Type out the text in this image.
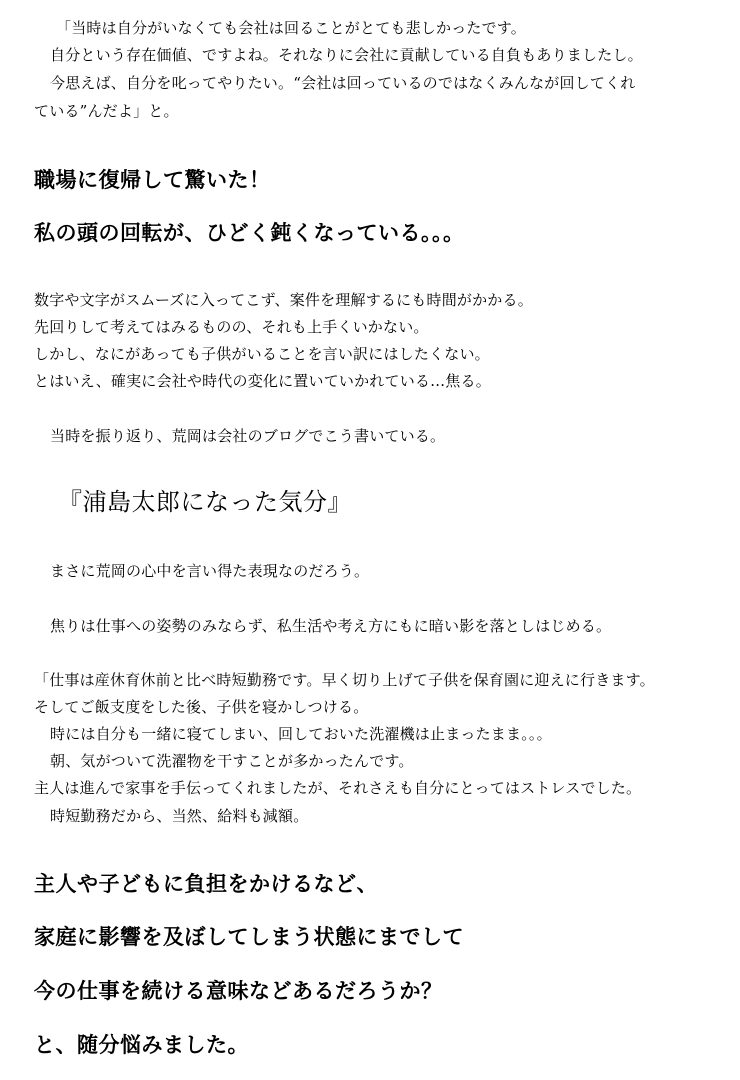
「当時は自分がいなくても会社は回ることがとても悲しかったです。
自分という存在価値、ですよね。それなりに会社に貢献している自負もありましたし。
今思えば、自分を叱ってやりたい。“会社は回っているのではなくみんなが回してくれ
ている”んだよ」と。
職場に復帰して驚いた！
私の頭の回転が、ひどく鈍くなっている。。。
数字や文字がスムーズに入ってこず、案件を理解するにも時間がかかる。
先回りして考えてはみるものの、それも上手くいかない。
しかし、なにがあっても子供がいることを言い訳にはしたくない。
とはいえ、確実に会社や時代の変化に置いていかれている…焦る。
当時を振り返り、荒岡は会社のブログでこう書いている。
『浦島太郎になった気分』
まさに荒岡の心中を言い得た表現なのだろう。
焦りは仕事への姿勢のみならず、私生活や考え方にもに暗い影を落としはじめる。
「仕事は産休育休前と比べ時短勤務です。早く切り上げて子供を保育園に迎えに行きます。
そしてご飯支度をした後、子供を寝かしつける。
時には自分も一緒に寝てしまい、回しておいた洗濯機は止まったまま。。。
朝、気がついて洗濯物を干すことが多かったんです。
主人は進んで家事を手伝ってくれましたが、それさえも自分にとってはストレスでした。
時短勤務だから、当然、給料も減額。
主人や子どもに負担をかけるなど、
家庭に影響を及ぼしてしまう状態にまでして
今の仕事を続ける意味などあるだろうか？
と、随分悩みました。
